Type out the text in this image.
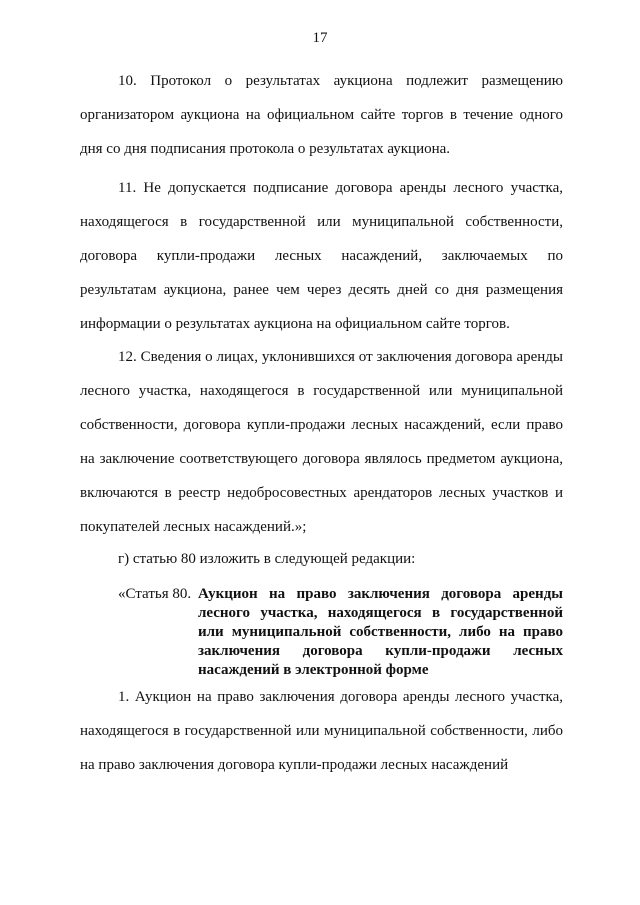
17

10. Протокол о результатах аукциона подлежит размещению организатором аукциона на официальном сайте торгов в течение одного дня со дня подписания протокола о результатах аукциона.

11. Не допускается подписание договора аренды лесного участка, находящегося в государственной или муниципальной собственности, договора купли-продажи лесных насаждений, заключаемых по результатам аукциона, ранее чем через десять дней со дня размещения информации о результатах аукциона на официальном сайте торгов.

12. Сведения о лицах, уклонившихся от заключения договора аренды лесного участка, находящегося в государственной или муниципальной собственности, договора купли-продажи лесных насаждений, если право на заключение соответствующего договора являлось предметом аукциона, включаются в реестр недобросовестных арендаторов лесных участков и покупателей лесных насаждений.»;

г) статью 80 изложить в следующей редакции:

«Статья 80. Аукцион на право заключения договора аренды лесного участка, находящегося в государственной или муниципальной собственности, либо на право заключения договора купли-продажи лесных насаждений в электронной форме

1. Аукцион на право заключения договора аренды лесного участка, находящегося в государственной или муниципальной собственности, либо на право заключения договора купли-продажи лесных насаждений
